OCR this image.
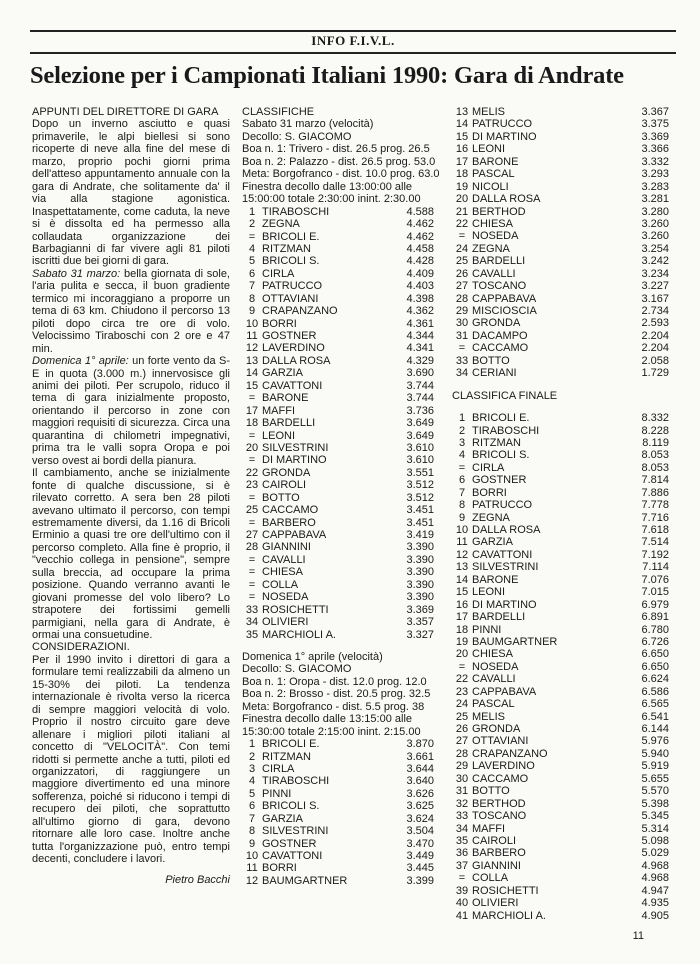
INFO F.I.V.L.
Selezione per i Campionati Italiani 1990: Gara di Andrate

APPUNTI DEL DIRETTORE DI GARA

Dopo un inverno asciutto e quasi primaverile, le alpi biellesi si sono ricoperte di neve alla fine del mese di marzo, proprio pochi giorni prima dell'atteso appuntamento annuale con la gara di Andrate, che solitamente da' il via alla stagione agonistica. Inaspettatamente, come caduta, la neve si è dissolta ed ha permesso alla collaudata organizzazione dei Barbagianni di far vivere agli 81 piloti iscritti due bei giorni di gara.

Sabato 31 marzo: bella giornata di sole, l'aria pulita e secca, il buon gradiente termico mi incoraggiano a proporre un tema di 63 km. Chiudono il percorso 13 piloti dopo circa tre ore di volo. Velocissimo Tiraboschi con 2 ore e 47 min.

Domenica 1° aprile: un forte vento da S-E in quota (3.000 m.) innervosisce gli animi dei piloti. Per scrupolo, riduco il tema di gara inizialmente proposto, orientando il percorso in zone con maggiori requisiti di sicurezza. Circa una quarantina di chilometri impegnativi, prima tra le valli sopra Oropa e poi verso ovest ai bordi della pianura.

Il cambiamento, anche se inizialmente fonte di qualche discussione, si è rilevato corretto. A sera ben 28 piloti avevano ultimato il percorso, con tempi estremamente diversi, da 1.16 di Bricoli Erminio a quasi tre ore dell'ultimo con il percorso completo. Alla fine è proprio, il "vecchio collega in pensione", sempre sulla breccia, ad occupare la prima posizione. Quando verranno avanti le giovani promesse del volo libero? Lo strapotere dei fortissimi gemelli parmigiani, nella gara di Andrate, è ormai una consuetudine.

CONSIDERAZIONI.

Per il 1990 invito i direttori di gara a formulare temi realizzabili da almeno un 15-30% dei piloti. La tendenza internazionale è rivolta verso la ricerca di sempre maggiori velocità di volo. Proprio il nostro circuito gare deve allenare i migliori piloti italiani al concetto di "VELOCITÀ". Con temi ridotti si permette anche a tutti, piloti ed organizzatori, di raggiungere un maggiore divertimento ed una minore sofferenza, poiché si riducono i tempi di recupero dei piloti, che soprattutto all'ultimo giorno di gara, devono ritornare alle loro case. Inoltre anche tutta l'organizzazione può, entro tempi decenti, concludere i lavori.

Pietro Bacchi

CLASSIFICHE
Sabato 31 marzo (velocità)
Decollo: S. GIACOMO
Boa n. 1: Trivero - dist. 26.5 prog. 26.5
Boa n. 2: Palazzo - dist. 26.5 prog. 53.0
Meta: Borgofranco - dist. 10.0 prog. 63.0
Finestra decollo dalle 13:00:00 alle
15:00:00 totale 2:30:00 inint. 2:30.00
1 TIRABOSCHI	4.588
2 ZEGNA	4.462
= BRICOLI E.	4.462
4 RITZMAN	4.458
5 BRICOLI S.	4.428
6 CIRLA	4.409
7 PATRUCCO	4.403
8 OTTAVIANI	4.398
9 CRAPANZANO	4.362
10 BORRI	4.361
11 GOSTNER	4.344
12 LAVERDINO	4.341
13 DALLA ROSA	4.329
14 GARZIA	3.690
15 CAVATTONI	3.744
= BARONE	3.744
17 MAFFI	3.736
18 BARDELLI	3.649
= LEONI	3.649
20 SILVESTRINI	3.610
= DI MARTINO	3.610
22 GRONDA	3.551
23 CAIROLI	3.512
= BOTTO	3.512
25 CACCAMO	3.451
= BARBERO	3.451
27 CAPPABAVA	3.419
28 GIANNINI	3.390
= CAVALLI	3.390
= CHIESA	3.390
= COLLA	3.390
= NOSEDA	3.390
33 ROSICHETTI	3.369
34 OLIVIERI	3.357
35 MARCHIOLI A.	3.327
Domenica 1° aprile (velocità)
Decollo: S. GIACOMO
Boa n. 1: Oropa - dist. 12.0 prog. 12.0
Boa n. 2: Brosso - dist. 20.5 prog. 32.5
Meta: Borgofranco - dist. 5.5 prog. 38
Finestra decollo dalle 13:15:00 alle
15:30:00 totale 2:15:00 inint. 2:15.00
1 BRICOLI E.	3.870
2 RITZMAN	3.661
3 CIRLA	3.644
4 TIRABOSCHI	3.640
5 PINNI	3.626
6 BRICOLI S.	3.625
7 GARZIA	3.624
8 SILVESTRINI	3.504
9 GOSTNER	3.470
10 CAVATTONI	3.449
11 BORRI	3.445
12 BAUMGARTNER	3.399
13 MELIS	3.367
14 PATRUCCO	3.375
15 DI MARTINO	3.369
16 LEONI	3.366
17 BARONE	3.332
18 PASCAL	3.293
19 NICOLI	3.283
20 DALLA ROSA	3.281
21 BERTHOD	3.280
22 CHIESA	3.260
= NOSEDA	3.260
24 ZEGNA	3.254
25 BARDELLI	3.242
26 CAVALLI	3.234
27 TOSCANO	3.227
28 CAPPABAVA	3.167
29 MISCIOSCIA	2.734
30 GRONDA	2.593
31 DACAMPO	2.204
= CACCAMO	2.204
33 BOTTO	2.058
34 CERIANI	1.729
CLASSIFICA FINALE
1 BRICOLI E.	8.332
2 TIRABOSCHI	8.228
3 RITZMAN	8.119
4 BRICOLI S.	8.053
= CIRLA	8.053
6 GOSTNER	7.814
7 BORRI	7.886
8 PATRUCCO	7.778
9 ZEGNA	7.716
10 DALLA ROSA	7.618
11 GARZIA	7.514
12 CAVATTONI	7.192
13 SILVESTRINI	7.114
14 BARONE	7.076
15 LEONI	7.015
16 DI MARTINO	6.979
17 BARDELLI	6.891
18 PINNI	6.780
19 BAUMGARTNER	6.726
20 CHIESA	6.650
= NOSEDA	6.650
22 CAVALLI	6.624
23 CAPPABAVA	6.586
24 PASCAL	6.565
25 MELIS	6.541
26 GRONDA	6.144
27 OTTAVIANI	5.976
28 CRAPANZANO	5.940
29 LAVERDINO	5.919
30 CACCAMO	5.655
31 BOTTO	5.570
32 BERTHOD	5.398
33 TOSCANO	5.345
34 MAFFI	5.314
35 CAIROLI	5.098
36 BARBERO	5.029
37 GIANNINI	4.968
= COLLA	4.968
39 ROSICHETTI	4.947
40 OLIVIERI	4.935
41 MARCHIOLI A.	4.905
11
